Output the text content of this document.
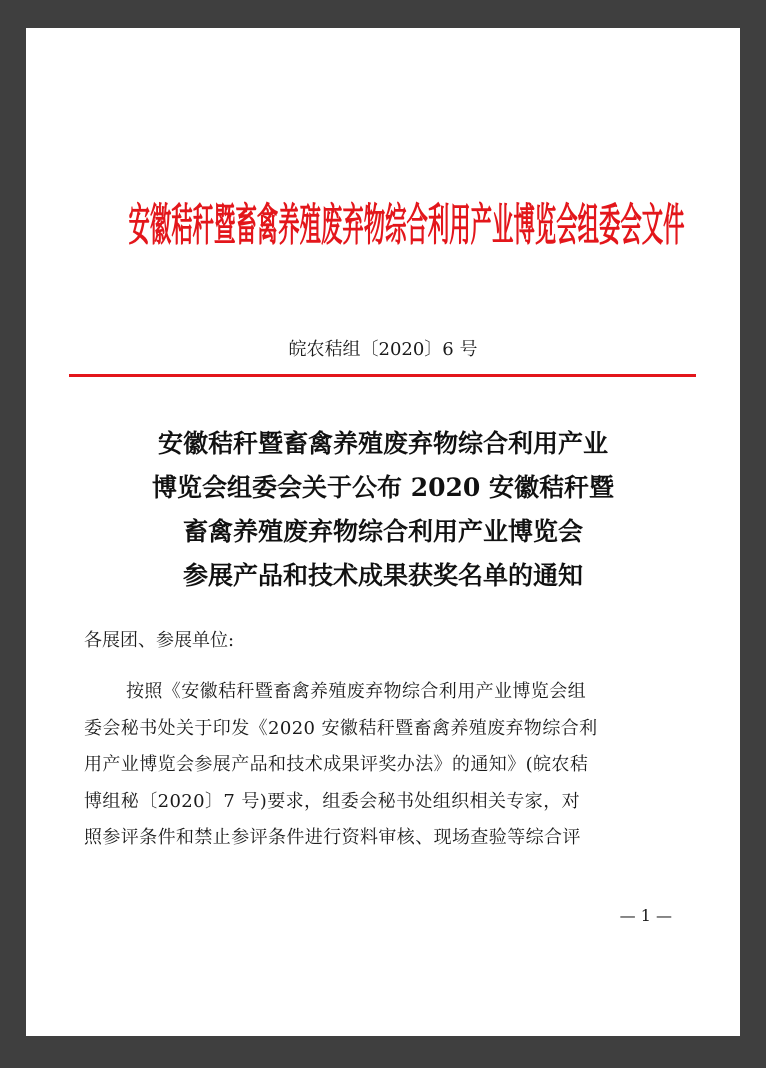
安徽秸秆暨畜禽养殖废弃物综合利用产业博览会组委会文件
皖农秸组〔2020〕6 号
安徽秸秆暨畜禽养殖废弃物综合利用产业
博览会组委会关于公布 2020 安徽秸秆暨
畜禽养殖废弃物综合利用产业博览会
参展产品和技术成果获奖名单的通知
各展团、参展单位:
按照《安徽秸秆暨畜禽养殖废弃物综合利用产业博览会组
委会秘书处关于印发《2020 安徽秸秆暨畜禽养殖废弃物综合利
用产业博览会参展产品和技术成果评奖办法》的通知》(皖农秸
博组秘〔2020〕7 号)要求，组委会秘书处组织相关专家，对
照参评条件和禁止参评条件进行资料审核、现场查验等综合评
— 1 —
